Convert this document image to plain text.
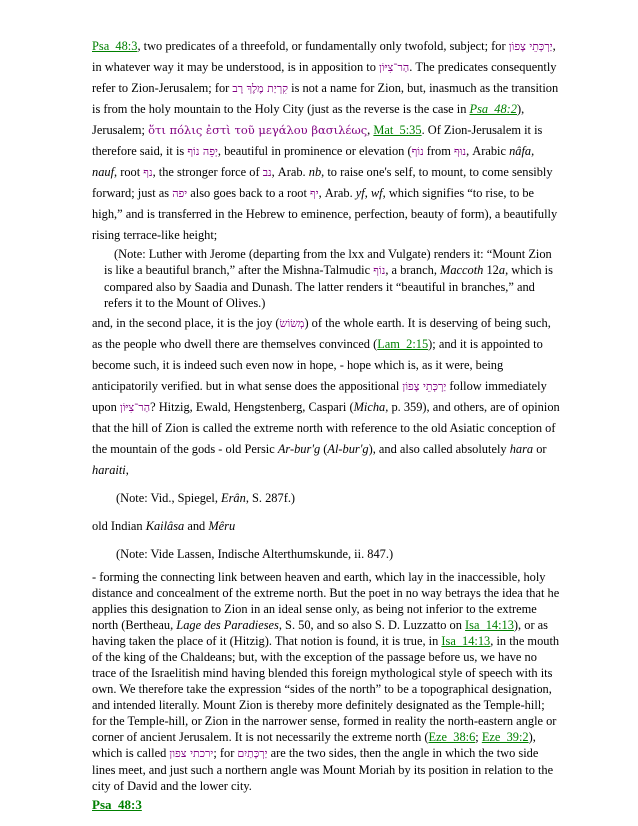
Psa_48:3, two predicates of a threefold, or fundamentally only twofold, subject; for יַרְכְּתֵי צָפוֹן, in whatever way it may be understood, is in apposition to הַר־צִיּוֹן. The predicates consequently refer to Zion-Jerusalem; for קִרְיַת מֶלֶךְ רָב is not a name for Zion, but, inasmuch as the transition is from the holy mountain to the Holy City (just as the reverse is the case in Psa_48:2), Jerusalem; ὅτι πόλις ἐστὶ τοῦ μεγάλου βασιλέως, Mat_5:35. Of Zion-Jerusalem it is therefore said, it is יְפֵה נוֹף, beautiful in prominence or elevation (נוֹף from נוּף, Arabic nâfa, nauf, root נף, the stronger force of נב, Arab. nb, to raise one's self, to mount, to come sensibly forward; just as יפה also goes back to a root יף, Arab. yf, wf, which signifies “to rise, to be high,” and is transferred in the Hebrew to eminence, perfection, beauty of form), a beautifully rising terrace-like height;

(Note: Luther with Jerome (departing from the lxx and Vulgate) renders it: “Mount Zion is like a beautiful branch,” after the Mishna-Talmudic נוֹף, a branch, Maccoth 12a, which is compared also by Saadia and Dunash. The latter renders it “beautiful in branches,” and refers it to the Mount of Olives.)

and, in the second place, it is the joy (מְשׂוֹשׂ) of the whole earth. It is deserving of being such, as the people who dwell there are themselves convinced (Lam_2:15); and it is appointed to become such, it is indeed such even now in hope, - hope which is, as it were, being anticipatorily verified. but in what sense does the appositional יַרְכְּתֵי צָפוֹן follow immediately upon הַר־צִיּוֹן? Hitzig, Ewald, Hengstenberg, Caspari (Micha, p. 359), and others, are of opinion that the hill of Zion is called the extreme north with reference to the old Asiatic conception of the mountain of the gods - old Persic Ar-bur'g (Al-bur'g), and also called absolutely hara or haraiti,

(Note: Vid., Spiegel, Erân, S. 287f.)

old Indian Kailâsa and Mêru

(Note: Vide Lassen, Indische Alterthumskunde, ii. 847.)

- forming the connecting link between heaven and earth, which lay in the inaccessible, holy distance and concealment of the extreme north. But the poet in no way betrays the idea that he applies this designation to Zion in an ideal sense only, as being not inferior to the extreme north (Bertheau, Lage des Paradieses, S. 50, and so also S. D. Luzzatto on Isa_14:13), or as having taken the place of it (Hitzig). That notion is found, it is true, in Isa_14:13, in the mouth of the king of the Chaldeans; but, with the exception of the passage before us, we have no trace of the Israelitish mind having blended this foreign mythological style of speech with its own. We therefore take the expression “sides of the north” to be a topographical designation, and intended literally. Mount Zion is thereby more definitely designated as the Temple-hill; for the Temple-hill, or Zion in the narrower sense, formed in reality the north-eastern angle or corner of ancient Jerusalem. It is not necessarily the extreme north (Eze_38:6; Eze_39:2), which is called ירכתי צפון; for יַרְכָּתַיִם are the two sides, then the angle in which the two side lines meet, and just such a northern angle was Mount Moriah by its position in relation to the city of David and the lower city.

Psa_48:3
